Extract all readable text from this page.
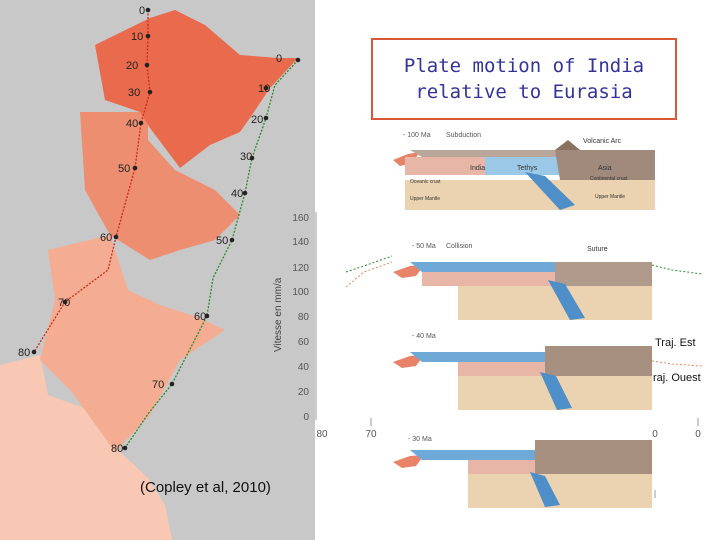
0
10
20
30
40
50
60
70
80
0
10
20
30
40
50
60
70
80
160
140
120
100
80
60
40
20
0
Vitesse en mm/a
80	70	0	0
Traj. Est
raj. Ouest
- 100 Ma Subduction
India	Tethys	Asia
Volcanic Arc
Oceanic crust
Upper Mantle	Upper Mantle
Continental crust
- 50 Ma Collision	Suture
- 40 Ma
- 30 Ma
Plate motion of India
relative to Eurasia
(Copley et al, 2010)
